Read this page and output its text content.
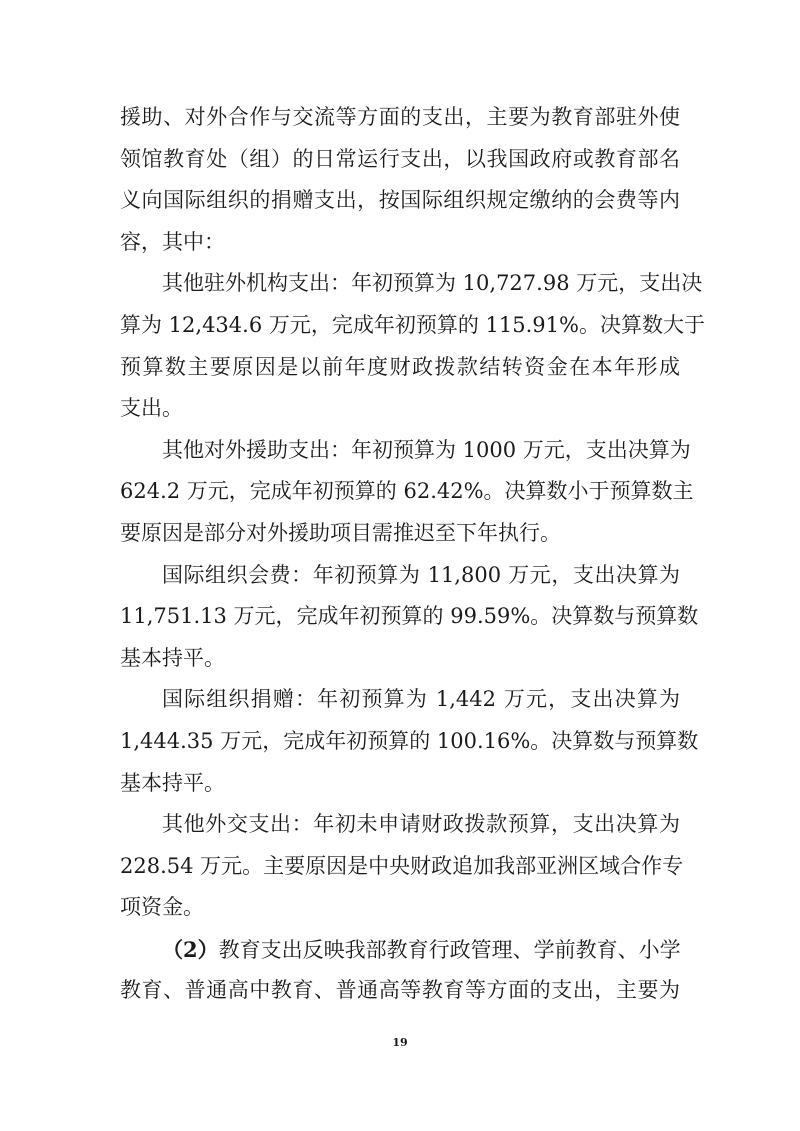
援助、对外合作与交流等方面的支出，主要为教育部驻外使
领馆教育处（组）的日常运行支出，以我国政府或教育部名
义向国际组织的捐赠支出，按国际组织规定缴纳的会费等内
容，其中：
其他驻外机构支出：年初预算为 10,727.98 万元，支出决
算为 12,434.6 万元，完成年初预算的 115.91%。决算数大于
预算数主要原因是以前年度财政拨款结转资金在本年形成
支出。
其他对外援助支出：年初预算为 1000 万元，支出决算为
624.2 万元，完成年初预算的 62.42%。决算数小于预算数主
要原因是部分对外援助项目需推迟至下年执行。
国际组织会费：年初预算为 11,800 万元，支出决算为
11,751.13 万元，完成年初预算的 99.59%。决算数与预算数
基本持平。
国际组织捐赠：年初预算为 1,442 万元，支出决算为
1,444.35 万元，完成年初预算的 100.16%。决算数与预算数
基本持平。
其他外交支出：年初未申请财政拨款预算，支出决算为
228.54 万元。主要原因是中央财政追加我部亚洲区域合作专
项资金。
（2）教育支出反映我部教育行政管理、学前教育、小学
教育、普通高中教育、普通高等教育等方面的支出，主要为
19
